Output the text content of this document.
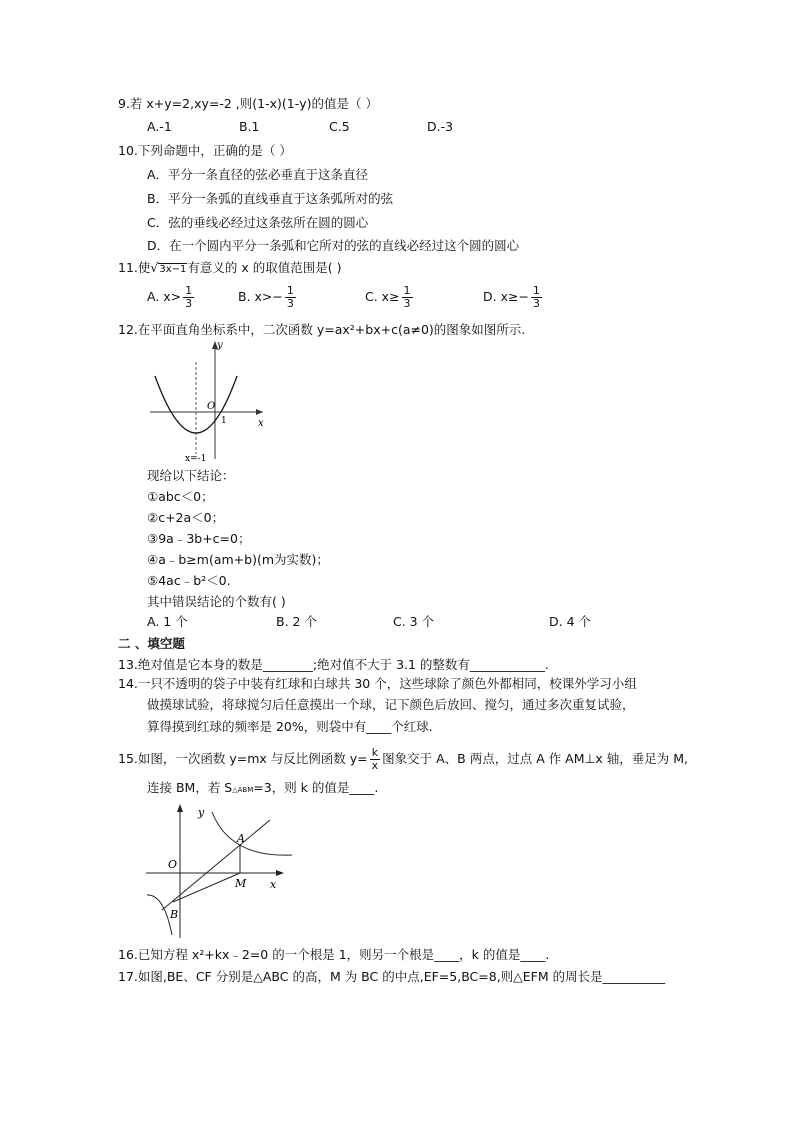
9.若 x+y=2,xy=-2 ,则(1-x)(1-y)的值是（ ）
A.-1	B.1	C.5	D.-3
10.下列命题中，正确的是（ ）
A．平分一条直径的弦必垂直于这条直径
B．平分一条弧的直线垂直于这条弧所对的弦
C．弦的垂线必经过这条弦所在圆的圆心
D．在一个圆内平分一条弧和它所对的弦的直线必经过这个圆的圆心
11.使√3x−1有意义的 x 的取值范围是( )
A. $x> \frac{1}{3}$	B. $x>- \frac{1}{3}$	C. $x\ge \frac{1}{3}$	D. $x\ge- \frac{1}{3}$
12.在平面直角坐标系中，二次函数 y=ax²+bx+c(a≠0)的图象如图所示.
y
x
O
1
x=-1
现给以下结论：
①abc＜0；
②c+2a＜0；
③9a﹣3b+c=0；
④a﹣b≥m(am+b)(m为实数)；
⑤4ac﹣b²＜0.
其中错误结论的个数有( )
A. 1 个	B. 2 个	C. 3 个	D. 4 个
二 、填空题
13.绝对值是它本身的数是________;绝对值不大于 3.1 的整数有____________.
14.一只不透明的袋子中装有红球和白球共 30 个，这些球除了颜色外都相同，校课外学习小组
做摸球试验，将球搅匀后任意摸出一个球，记下颜色后放回、搅匀，通过多次重复试验，
算得摸到红球的频率是 20%，则袋中有____个红球.
15.如图，一次函数 y=mx 与反比例函数 $y= \frac{k}{x}$ 图象交于 A、B 两点，过点 A 作 AM⊥x 轴，垂足为 M,
连接 BM，若 S△ABM=3，则 k 的值是____.
y
x
O
A
B
M
16.已知方程 x²+kx﹣2=0 的一个根是 1，则另一个根是____，k 的值是____.
17.如图,BE、CF 分别是△ABC 的高，M 为 BC 的中点,EF=5,BC=8,则△EFM 的周长是__________
